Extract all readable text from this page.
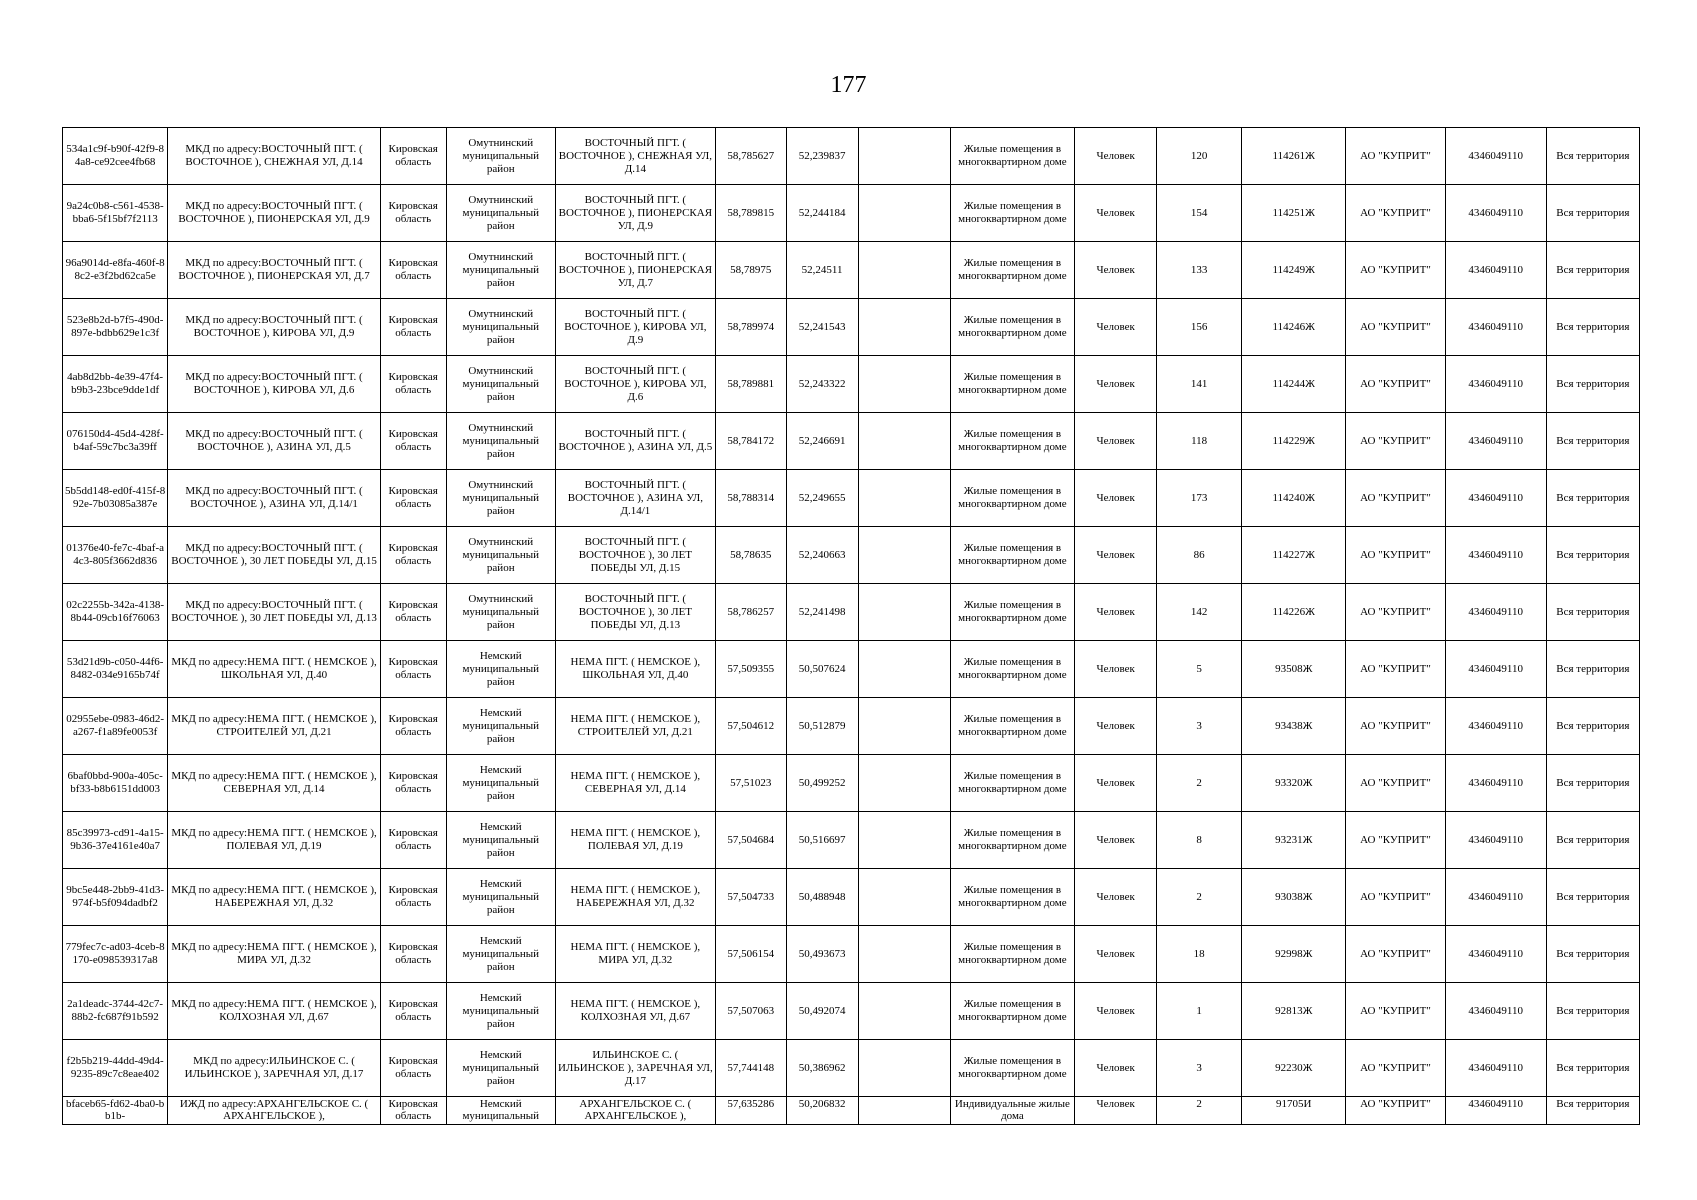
177
534a1c9f-b90f-42f9-84a8-ce92cee4fb68	МКД по адресу:ВОСТОЧНЫЙ ПГТ. ( ВОСТОЧНОЕ ), СНЕЖНАЯ УЛ, Д.14	Кировская область	Омутнинский муниципальный район	ВОСТОЧНЫЙ ПГТ. ( ВОСТОЧНОЕ ), СНЕЖНАЯ УЛ, Д.14	58,785627	52,239837		Жилые помещения в многоквартирном доме	Человек	120	114261Ж	АО "КУПРИТ"	4346049110	Вся территория
9a24c0b8-c561-4538-bba6-5f15bf7f2113	МКД по адресу:ВОСТОЧНЫЙ ПГТ. ( ВОСТОЧНОЕ ), ПИОНЕРСКАЯ УЛ, Д.9	Кировская область	Омутнинский муниципальный район	ВОСТОЧНЫЙ ПГТ. ( ВОСТОЧНОЕ ), ПИОНЕРСКАЯ УЛ, Д.9	58,789815	52,244184		Жилые помещения в многоквартирном доме	Человек	154	114251Ж	АО "КУПРИТ"	4346049110	Вся территория
96a9014d-e8fa-460f-88c2-e3f2bd62ca5e	МКД по адресу:ВОСТОЧНЫЙ ПГТ. ( ВОСТОЧНОЕ ), ПИОНЕРСКАЯ УЛ, Д.7	Кировская область	Омутнинский муниципальный район	ВОСТОЧНЫЙ ПГТ. ( ВОСТОЧНОЕ ), ПИОНЕРСКАЯ УЛ, Д.7	58,78975	52,24511		Жилые помещения в многоквартирном доме	Человек	133	114249Ж	АО "КУПРИТ"	4346049110	Вся территория
523e8b2d-b7f5-490d-897e-bdbb629e1c3f	МКД по адресу:ВОСТОЧНЫЙ ПГТ. ( ВОСТОЧНОЕ ), КИРОВА УЛ, Д.9	Кировская область	Омутнинский муниципальный район	ВОСТОЧНЫЙ ПГТ. ( ВОСТОЧНОЕ ), КИРОВА УЛ, Д.9	58,789974	52,241543		Жилые помещения в многоквартирном доме	Человек	156	114246Ж	АО "КУПРИТ"	4346049110	Вся территория
4ab8d2bb-4e39-47f4-b9b3-23bce9dde1df	МКД по адресу:ВОСТОЧНЫЙ ПГТ. ( ВОСТОЧНОЕ ), КИРОВА УЛ, Д.6	Кировская область	Омутнинский муниципальный район	ВОСТОЧНЫЙ ПГТ. ( ВОСТОЧНОЕ ), КИРОВА УЛ, Д.6	58,789881	52,243322		Жилые помещения в многоквартирном доме	Человек	141	114244Ж	АО "КУПРИТ"	4346049110	Вся территория
076150d4-45d4-428f-b4af-59c7bc3a39ff	МКД по адресу:ВОСТОЧНЫЙ ПГТ. ( ВОСТОЧНОЕ ), АЗИНА УЛ, Д.5	Кировская область	Омутнинский муниципальный район	ВОСТОЧНЫЙ ПГТ. ( ВОСТОЧНОЕ ), АЗИНА УЛ, Д.5	58,784172	52,246691		Жилые помещения в многоквартирном доме	Человек	118	114229Ж	АО "КУПРИТ"	4346049110	Вся территория
5b5dd148-ed0f-415f-892e-7b03085a387e	МКД по адресу:ВОСТОЧНЫЙ ПГТ. ( ВОСТОЧНОЕ ), АЗИНА УЛ, Д.14/1	Кировская область	Омутнинский муниципальный район	ВОСТОЧНЫЙ ПГТ. ( ВОСТОЧНОЕ ), АЗИНА УЛ, Д.14/1	58,788314	52,249655		Жилые помещения в многоквартирном доме	Человек	173	114240Ж	АО "КУПРИТ"	4346049110	Вся территория
01376e40-fe7c-4baf-a4c3-805f3662d836	МКД по адресу:ВОСТОЧНЫЙ ПГТ. ( ВОСТОЧНОЕ ), 30 ЛЕТ ПОБЕДЫ УЛ, Д.15	Кировская область	Омутнинский муниципальный район	ВОСТОЧНЫЙ ПГТ. ( ВОСТОЧНОЕ ), 30 ЛЕТ ПОБЕДЫ УЛ, Д.15	58,78635	52,240663		Жилые помещения в многоквартирном доме	Человек	86	114227Ж	АО "КУПРИТ"	4346049110	Вся территория
02c2255b-342a-4138-8b44-09cb16f76063	МКД по адресу:ВОСТОЧНЫЙ ПГТ. ( ВОСТОЧНОЕ ), 30 ЛЕТ ПОБЕДЫ УЛ, Д.13	Кировская область	Омутнинский муниципальный район	ВОСТОЧНЫЙ ПГТ. ( ВОСТОЧНОЕ ), 30 ЛЕТ ПОБЕДЫ УЛ, Д.13	58,786257	52,241498		Жилые помещения в многоквартирном доме	Человек	142	114226Ж	АО "КУПРИТ"	4346049110	Вся территория
53d21d9b-c050-44f6-8482-034e9165b74f	МКД по адресу:НЕМА ПГТ. ( НЕМСКОЕ ), ШКОЛЬНАЯ УЛ, Д.40	Кировская область	Немский муниципальный район	НЕМА ПГТ. ( НЕМСКОЕ ), ШКОЛЬНАЯ УЛ, Д.40	57,509355	50,507624		Жилые помещения в многоквартирном доме	Человек	5	93508Ж	АО "КУПРИТ"	4346049110	Вся территория
02955ebe-0983-46d2-a267-f1a89fe0053f	МКД по адресу:НЕМА ПГТ. ( НЕМСКОЕ ), СТРОИТЕЛЕЙ УЛ, Д.21	Кировская область	Немский муниципальный район	НЕМА ПГТ. ( НЕМСКОЕ ), СТРОИТЕЛЕЙ УЛ, Д.21	57,504612	50,512879		Жилые помещения в многоквартирном доме	Человек	3	93438Ж	АО "КУПРИТ"	4346049110	Вся территория
6baf0bbd-900a-405c-bf33-b8b6151dd003	МКД по адресу:НЕМА ПГТ. ( НЕМСКОЕ ), СЕВЕРНАЯ УЛ, Д.14	Кировская область	Немский муниципальный район	НЕМА ПГТ. ( НЕМСКОЕ ), СЕВЕРНАЯ УЛ, Д.14	57,51023	50,499252		Жилые помещения в многоквартирном доме	Человек	2	93320Ж	АО "КУПРИТ"	4346049110	Вся территория
85c39973-cd91-4a15-9b36-37e4161e40a7	МКД по адресу:НЕМА ПГТ. ( НЕМСКОЕ ), ПОЛЕВАЯ УЛ, Д.19	Кировская область	Немский муниципальный район	НЕМА ПГТ. ( НЕМСКОЕ ), ПОЛЕВАЯ УЛ, Д.19	57,504684	50,516697		Жилые помещения в многоквартирном доме	Человек	8	93231Ж	АО "КУПРИТ"	4346049110	Вся территория
9bc5e448-2bb9-41d3-974f-b5f094dadbf2	МКД по адресу:НЕМА ПГТ. ( НЕМСКОЕ ), НАБЕРЕЖНАЯ УЛ, Д.32	Кировская область	Немский муниципальный район	НЕМА ПГТ. ( НЕМСКОЕ ), НАБЕРЕЖНАЯ УЛ, Д.32	57,504733	50,488948		Жилые помещения в многоквартирном доме	Человек	2	93038Ж	АО "КУПРИТ"	4346049110	Вся территория
779fec7c-ad03-4ceb-8170-e098539317a8	МКД по адресу:НЕМА ПГТ. ( НЕМСКОЕ ), МИРА УЛ, Д.32	Кировская область	Немский муниципальный район	НЕМА ПГТ. ( НЕМСКОЕ ), МИРА УЛ, Д.32	57,506154	50,493673		Жилые помещения в многоквартирном доме	Человек	18	92998Ж	АО "КУПРИТ"	4346049110	Вся территория
2a1deadc-3744-42c7-88b2-fc687f91b592	МКД по адресу:НЕМА ПГТ. ( НЕМСКОЕ ), КОЛХОЗНАЯ УЛ, Д.67	Кировская область	Немский муниципальный район	НЕМА ПГТ. ( НЕМСКОЕ ), КОЛХОЗНАЯ УЛ, Д.67	57,507063	50,492074		Жилые помещения в многоквартирном доме	Человек	1	92813Ж	АО "КУПРИТ"	4346049110	Вся территория
f2b5b219-44dd-49d4-9235-89c7c8eae402	МКД по адресу:ИЛЬИНСКОЕ С. ( ИЛЬИНСКОЕ ), ЗАРЕЧНАЯ УЛ, Д.17	Кировская область	Немский муниципальный район	ИЛЬИНСКОЕ С. ( ИЛЬИНСКОЕ ), ЗАРЕЧНАЯ УЛ, Д.17	57,744148	50,386962		Жилые помещения в многоквартирном доме	Человек	3	92230Ж	АО "КУПРИТ"	4346049110	Вся территория
bfaceb65-fd62-4ba0-bb1b-	ИЖД по адресу:АРХАНГЕЛЬСКОЕ С. ( АРХАНГЕЛЬСКОЕ ),	Кировская область	Немский муниципальный	АРХАНГЕЛЬСКОЕ С. ( АРХАНГЕЛЬСКОЕ ),	57,635286	50,206832		Индивидуальные жилые дома	Человек	2	91705И	АО "КУПРИТ"	4346049110	Вся территория
